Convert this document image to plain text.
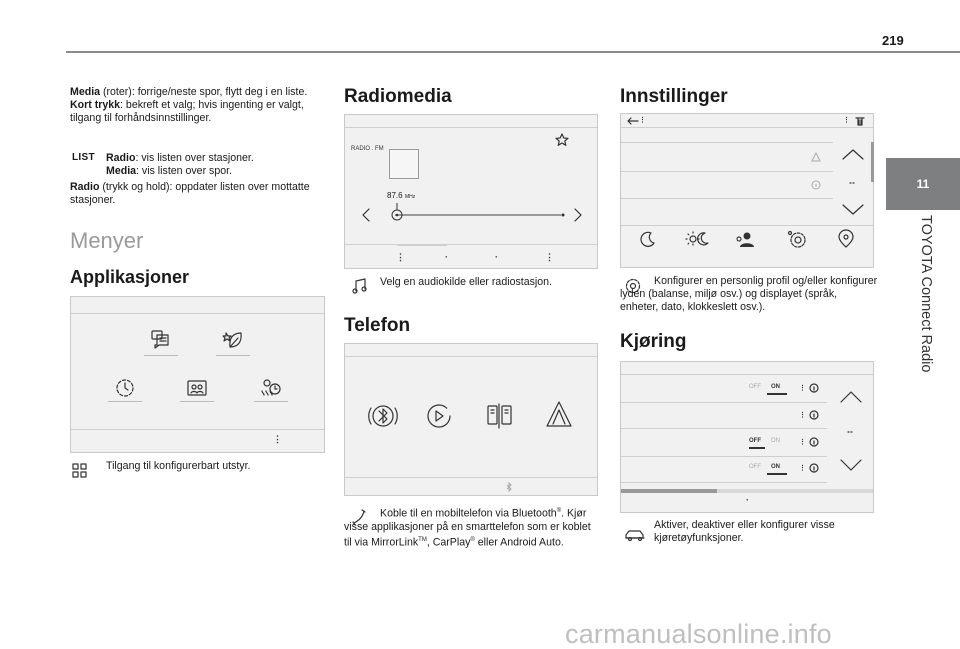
219
11
TOYOTA Connect Radio
Media (roter): forrige/neste spor, flytt deg i en liste.
Kort trykk: bekreft et valg; hvis ingenting er valgt, tilgang til forhåndsinnstillinger.
LIST Radio: vis listen over stasjoner.
Media: vis listen over spor.
Radio (trykk og hold): oppdater listen over mottatte stasjoner.
Menyer
Applikasjoner
⋮
Tilgang til konfigurerbart utstyr.
Radiomedia
RADIO . FM
87.6 MHz
⋮	·	·	⋮
Velg en audiokilde eller radiostasjon.
Telefon
Koble til en mobiltelefon via Bluetooth®. Kjør visse applikasjoner på en smarttelefon som er koblet til via MirrorLink™, CarPlay® eller Android Auto.
Innstillinger
⋮	⋮
Konfigurer en personlig profil og/eller konfigurer lyden (balanse, miljø osv.) og displayet (språk, enheter, dato, klokkeslett osv.).
Kjøring
OFF ON	⋮
⋮
OFF ON	⋮
OFF ON	⋮
·
Aktiver, deaktiver eller konfigurer visse kjøretøyfunksjoner.
carmanualsonline.info
